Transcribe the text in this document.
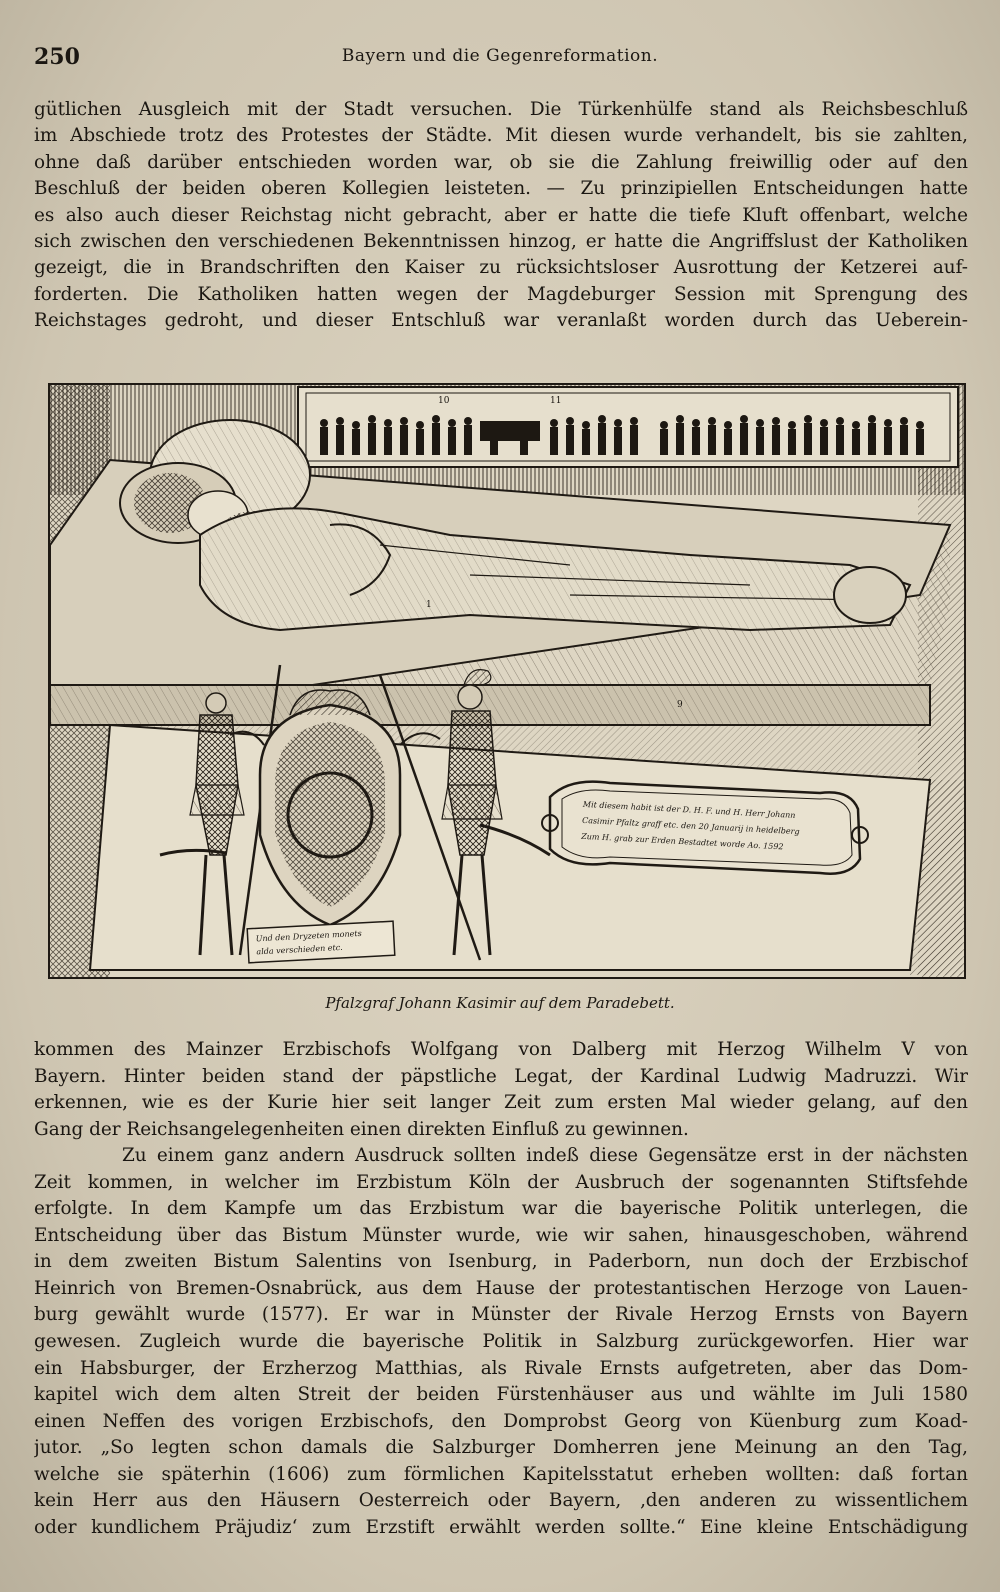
250	Bayern und die Gegenreformation.
gütlichen Ausgleich mit der Stadt versuchen. Die Türkenhülfe stand als Reichsbeschluß
im Abschiede trotz des Protestes der Städte. Mit diesen wurde verhandelt, bis sie zahlten,
ohne daß darüber entschieden worden war, ob sie die Zahlung freiwillig oder auf den
Beschluß der beiden oberen Kollegien leisteten. — Zu prinzipiellen Entscheidungen hatte
es also auch dieser Reichstag nicht gebracht, aber er hatte die tiefe Kluft offenbart, welche
sich zwischen den verschiedenen Bekenntnissen hinzog, er hatte die Angriffslust der Katholiken
gezeigt, die in Brandschriften den Kaiser zu rücksichtsloser Ausrottung der Ketzerei auf-
forderten. Die Katholiken hatten wegen der Magdeburger Session mit Sprengung des
Reichstages gedroht, und dieser Entschluß war veranlaßt worden durch das Ueberein-
10	11
1
9
Mit diesem habit ist der D. H. F. und H. Herr Johann
Casimir Pfaltz graff etc. den 20 Januarij in heidelberg
Zum H. grab zur Erden Bestadtet worde Ao. 1592
Und den Dryzeten monets
alda verschieden etc.
Pfalzgraf Johann Kasimir auf dem Paradebett.
kommen des Mainzer Erzbischofs Wolfgang von Dalberg mit Herzog Wilhelm V von
Bayern. Hinter beiden stand der päpstliche Legat, der Kardinal Ludwig Madruzzi. Wir
erkennen, wie es der Kurie hier seit langer Zeit zum ersten Mal wieder gelang, auf den
Gang der Reichsangelegenheiten einen direkten Einfluß zu gewinnen.
Zu einem ganz andern Ausdruck sollten indeß diese Gegensätze erst in der nächsten
Zeit kommen, in welcher im Erzbistum Köln der Ausbruch der sogenannten Stiftsfehde
erfolgte. In dem Kampfe um das Erzbistum war die bayerische Politik unterlegen, die
Entscheidung über das Bistum Münster wurde, wie wir sahen, hinausgeschoben, während
in dem zweiten Bistum Salentins von Isenburg, in Paderborn, nun doch der Erzbischof
Heinrich von Bremen-Osnabrück, aus dem Hause der protestantischen Herzoge von Lauen-
burg gewählt wurde (1577). Er war in Münster der Rivale Herzog Ernsts von Bayern
gewesen. Zugleich wurde die bayerische Politik in Salzburg zurückgeworfen. Hier war
ein Habsburger, der Erzherzog Matthias, als Rivale Ernsts aufgetreten, aber das Dom-
kapitel wich dem alten Streit der beiden Fürstenhäuser aus und wählte im Juli 1580
einen Neffen des vorigen Erzbischofs, den Domprobst Georg von Küenburg zum Koad-
jutor. „So legten schon damals die Salzburger Domherren jene Meinung an den Tag,
welche sie späterhin (1606) zum förmlichen Kapitelsstatut erheben wollten: daß fortan
kein Herr aus den Häusern Oesterreich oder Bayern, ‚den anderen zu wissentlichem
oder kundlichem Präjudiz‘ zum Erzstift erwählt werden sollte.“ Eine kleine Entschädigung
